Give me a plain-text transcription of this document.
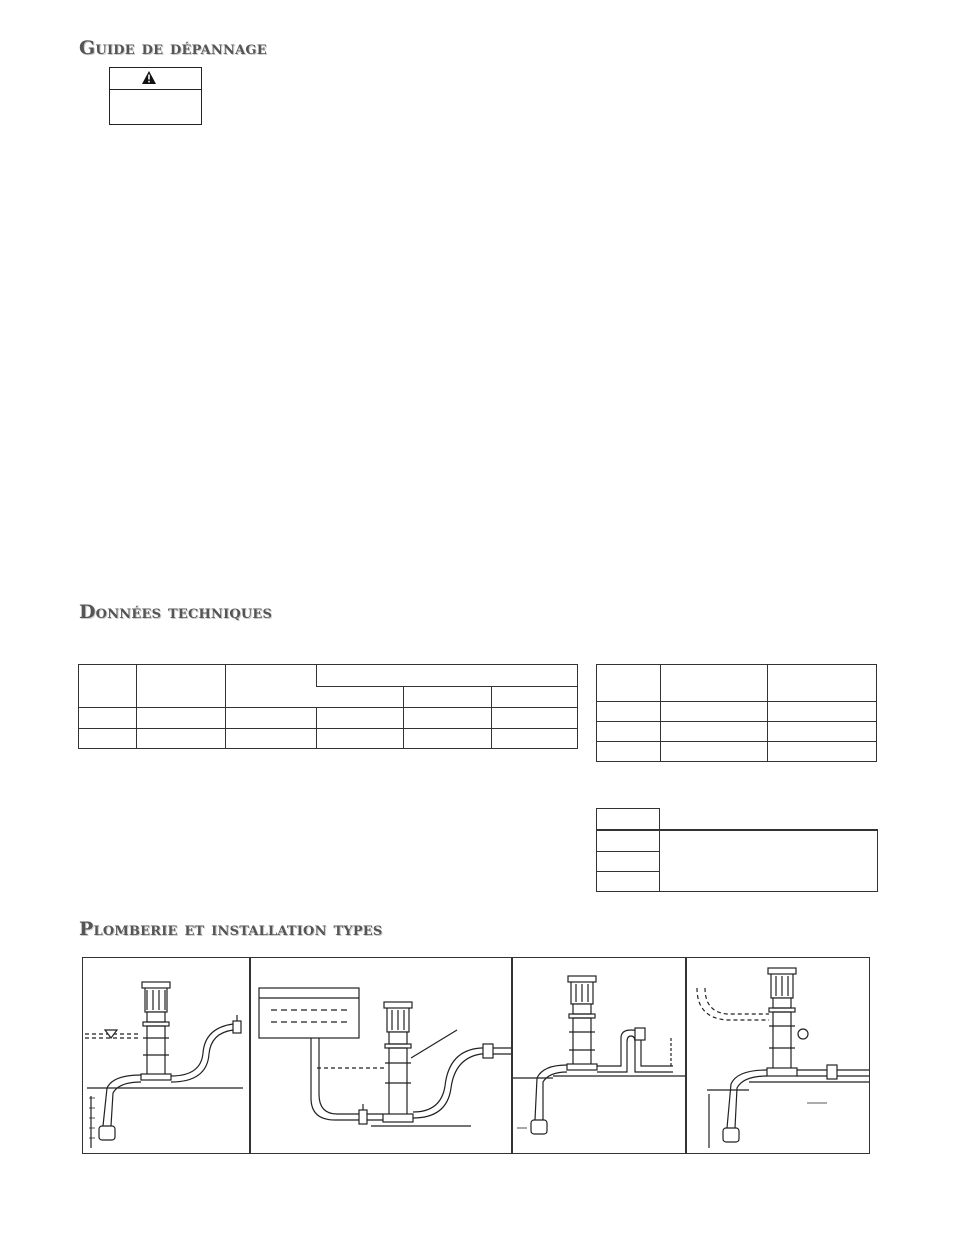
Guide de dépannage
Données techniques

Plomberie et installation types
